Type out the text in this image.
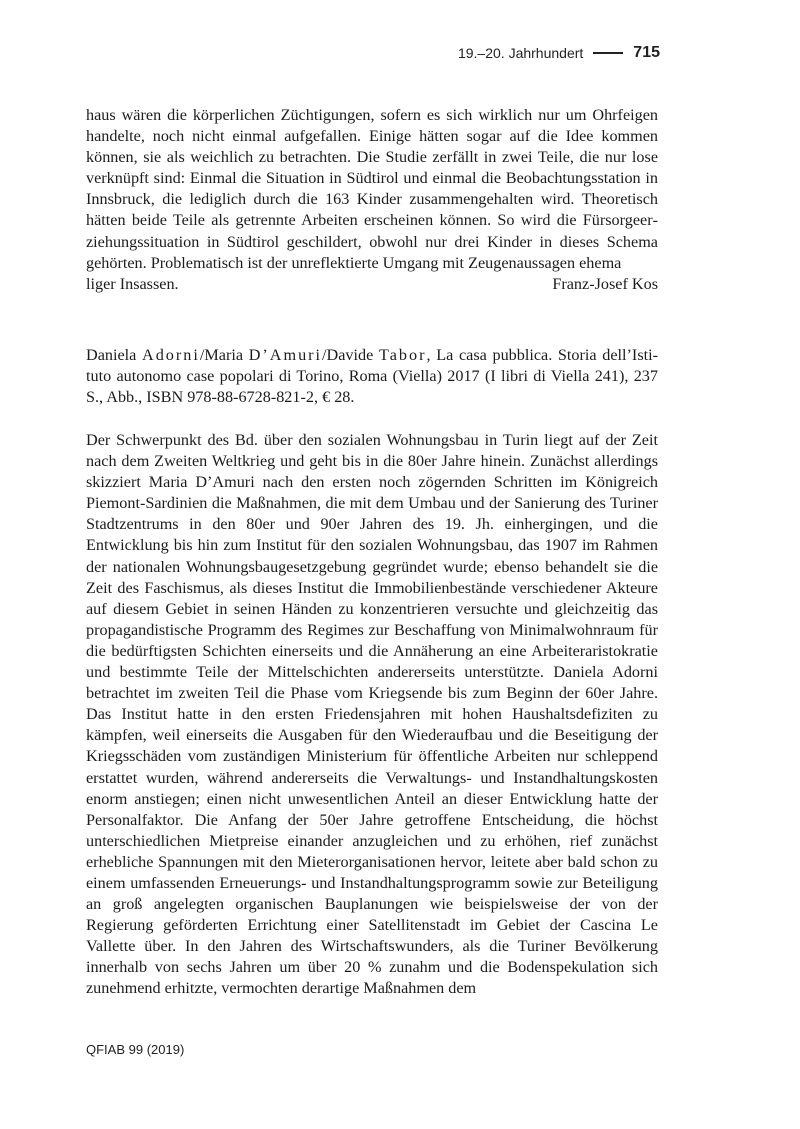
19.–20. Jahrhundert	715

haus wären die körperlichen Züchtigungen, sofern es sich wirklich nur um Ohrfeigen handelte, noch nicht einmal aufgefallen. Einige hätten sogar auf die Idee kommen können, sie als weichlich zu betrachten. Die Studie zerfällt in zwei Teile, die nur lose verknüpft sind: Einmal die Situation in Südtirol und einmal die Beobachtungsstation in Innsbruck, die lediglich durch die 163 Kinder zusammengehalten wird. Theoretisch hätten beide Teile als getrennte Arbeiten erscheinen können. So wird die Fürsorgeerziehungssituation in Südtirol geschildert, obwohl nur drei Kinder in dieses Schema gehörten. Problematisch ist der unreflektierte Umgang mit Zeugenaussagen ehema

liger Insassen.	Franz-Josef Kos

Daniela Adorni/Maria D’Amuri/Davide Tabor, La casa pubblica. Storia dell’Istituto autonomo case popolari di Torino, Roma (Viella) 2017 (I libri di Viella 241), 237 S., Abb., ISBN 978-88-6728-821-2, € 28.

Der Schwerpunkt des Bd. über den sozialen Wohnungsbau in Turin liegt auf der Zeit nach dem Zweiten Weltkrieg und geht bis in die 80er Jahre hinein. Zunächst allerdings skizziert Maria D’Amuri nach den ersten noch zögernden Schritten im Königreich Piemont-Sardinien die Maßnahmen, die mit dem Umbau und der Sanierung des Turiner Stadtzentrums in den 80er und 90er Jahren des 19. Jh. einhergingen, und die Entwicklung bis hin zum Institut für den sozialen Wohnungsbau, das 1907 im Rahmen der nationalen Wohnungsbaugesetzgebung gegründet wurde; ebenso behandelt sie die Zeit des Faschismus, als dieses Institut die Immobilienbestände verschiedener Akteure auf diesem Gebiet in seinen Händen zu konzentrieren versuchte und gleichzeitig das propagandistische Programm des Regimes zur Beschaffung von Minimalwohnraum für die bedürftigsten Schichten einerseits und die Annäherung an eine Arbeiteraristokratie und bestimmte Teile der Mittelschichten andererseits unterstützte. Daniela Adorni betrachtet im zweiten Teil die Phase vom Kriegsende bis zum Beginn der 60er Jahre. Das Institut hatte in den ersten Friedensjahren mit hohen Haushaltsdefiziten zu kämpfen, weil einerseits die Ausgaben für den Wiederaufbau und die Beseitigung der Kriegsschäden vom zuständigen Ministerium für öffentliche Arbeiten nur schleppend erstattet wurden, während andererseits die Verwaltungs- und Instandhaltungskosten enorm anstiegen; einen nicht unwesentlichen Anteil an dieser Entwicklung hatte der Personalfaktor. Die Anfang der 50er Jahre getroffene Entscheidung, die höchst unterschiedlichen Mietpreise einander anzugleichen und zu erhöhen, rief zunächst erhebliche Spannungen mit den Mieterorganisationen hervor, leitete aber bald schon zu einem umfassenden Erneuerungs- und Instandhaltungsprogramm sowie zur Beteiligung an groß angelegten organischen Bauplanungen wie beispielsweise der von der Regierung geförderten Errichtung einer Satellitenstadt im Gebiet der Cascina Le Vallette über. In den Jahren des Wirtschaftswunders, als die Turiner Bevölkerung innerhalb von sechs Jahren um über 20 % zunahm und die Bodenspekulation sich zunehmend erhitzte, vermochten derartige Maßnahmen dem

QFIAB 99 (2019)
